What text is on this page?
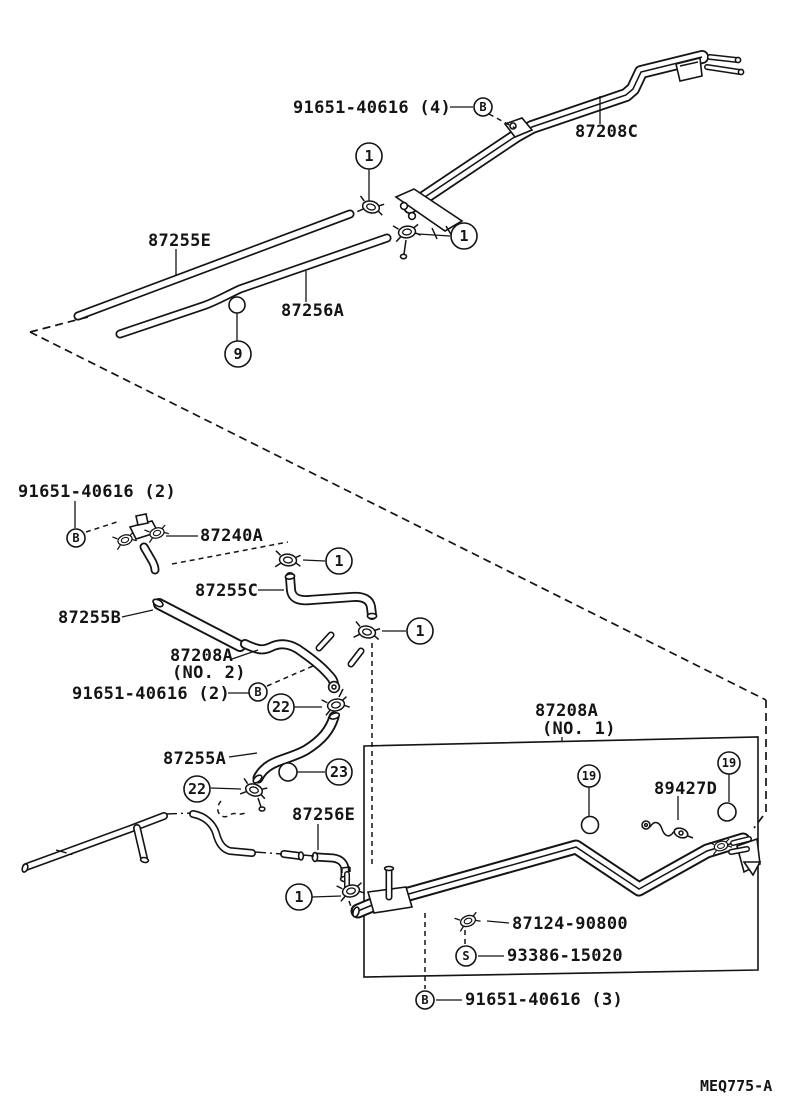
91651-40616 (4)
87208C
87255E
87256A
B
1
1
9
91651-40616 (2)
87240A
87255C
87255B
87208A
(NO. 2)
91651-40616 (2)
87255A
87256E
B
1
1
B
22
23
22
87208A
(NO. 1)
89427D
87124-90800
93386-15020
91651-40616 (3)
19
19
1
S
B
MEQ775-A
